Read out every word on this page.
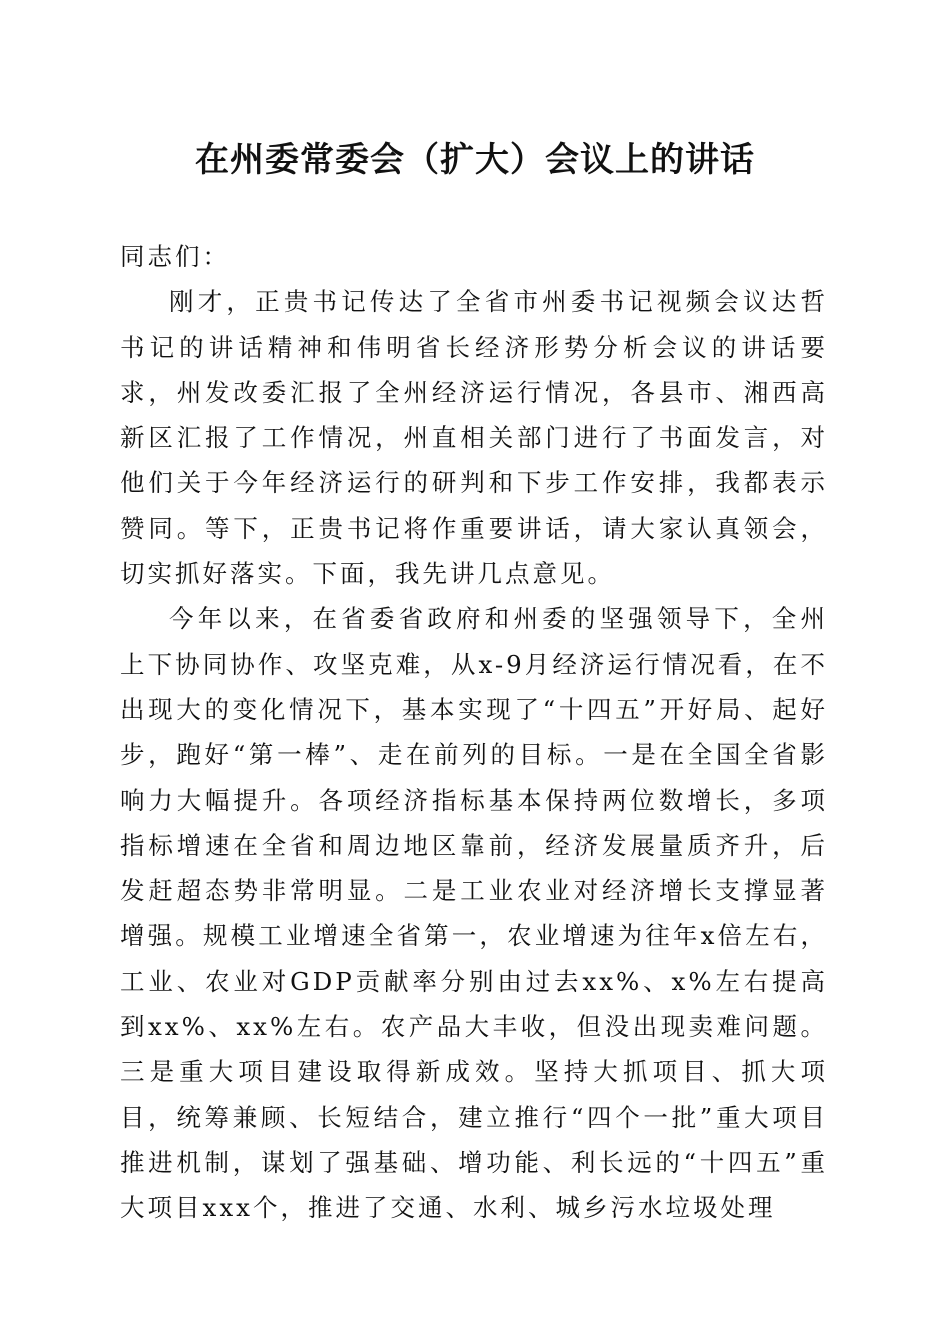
在州委常委会（扩大）会议上的讲话

同志们：

刚才，正贵书记传达了全省市州委书记视频会议达哲书记的讲话精神和伟明省长经济形势分析会议的讲话要求，州发改委汇报了全州经济运行情况，各县市、湘西高新区汇报了工作情况，州直相关部门进行了书面发言，对他们关于今年经济运行的研判和下步工作安排，我都表示赞同。等下，正贵书记将作重要讲话，请大家认真领会，切实抓好落实。下面，我先讲几点意见。

今年以来，在省委省政府和州委的坚强领导下，全州上下协同协作、攻坚克难，从x-9月经济运行情况看，在不出现大的变化情况下，基本实现了“十四五”开好局、起好步，跑好“第一棒”、走在前列的目标。一是在全国全省影响力大幅提升。各项经济指标基本保持两位数增长，多项指标增速在全省和周边地区靠前，经济发展量质齐升，后发赶超态势非常明显。二是工业农业对经济增长支撑显著增强。规模工业增速全省第一，农业增速为往年x倍左右，工业、农业对GDP贡献率分别由过去xx%、x%左右提高到xx%、xx%左右。农产品大丰收，但没出现卖难问题。三是重大项目建设取得新成效。坚持大抓项目、抓大项目，统筹兼顾、长短结合，建立推行“四个一批”重大项目推进机制，谋划了强基础、增功能、利长远的“十四五”重大项目xxx个，推进了交通、水利、城乡污水垃圾处理
